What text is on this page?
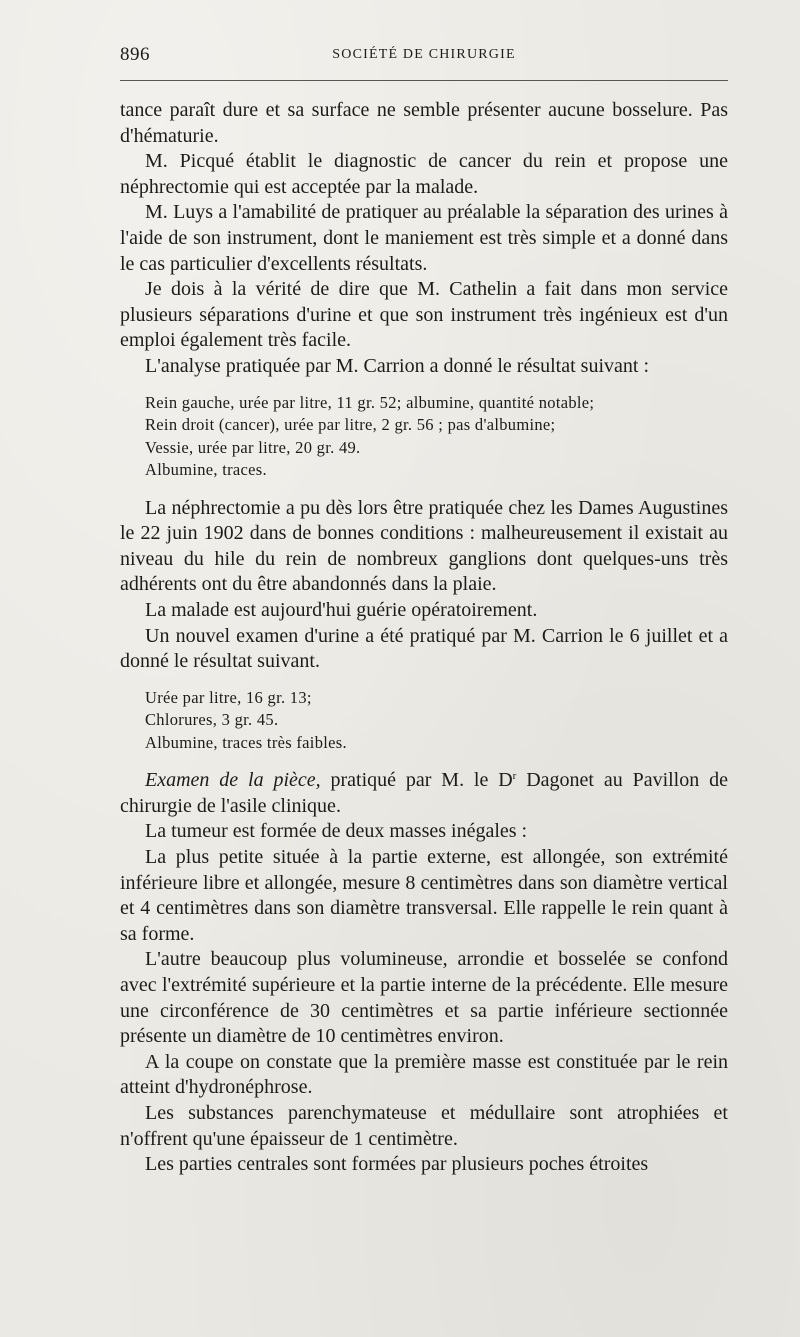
896	SOCIÉTÉ DE CHIRURGIE

tance paraît dure et sa surface ne semble présenter aucune bosselure. Pas d'hématurie.

M. Picqué établit le diagnostic de cancer du rein et propose une néphrectomie qui est acceptée par la malade.

M. Luys a l'amabilité de pratiquer au préalable la séparation des urines à l'aide de son instrument, dont le maniement est très simple et a donné dans le cas particulier d'excellents résultats.

Je dois à la vérité de dire que M. Cathelin a fait dans mon service plusieurs séparations d'urine et que son instrument très ingénieux est d'un emploi également très facile.

L'analyse pratiquée par M. Carrion a donné le résultat suivant :

Rein gauche, urée par litre, 11 gr. 52; albumine, quantité notable;
Rein droit (cancer), urée par litre, 2 gr. 56 ; pas d'albumine;
Vessie, urée par litre, 20 gr. 49.
Albumine, traces.

La néphrectomie a pu dès lors être pratiquée chez les Dames Augustines le 22 juin 1902 dans de bonnes conditions : malheureusement il existait au niveau du hile du rein de nombreux ganglions dont quelques-uns très adhérents ont du être abandonnés dans la plaie.

La malade est aujourd'hui guérie opératoirement.

Un nouvel examen d'urine a été pratiqué par M. Carrion le 6 juillet et a donné le résultat suivant.

Urée par litre, 16 gr. 13;
Chlorures, 3 gr. 45.
Albumine, traces très faibles.

Examen de la pièce, pratiqué par M. le $D^r$ Dagonet au Pavillon de chirurgie de l'asile clinique.

La tumeur est formée de deux masses inégales :

La plus petite située à la partie externe, est allongée, son extrémité inférieure libre et allongée, mesure 8 centimètres dans son diamètre vertical et 4 centimètres dans son diamètre transversal. Elle rappelle le rein quant à sa forme.

L'autre beaucoup plus volumineuse, arrondie et bosselée se confond avec l'extrémité supérieure et la partie interne de la précédente. Elle mesure une circonférence de 30 centimètres et sa partie inférieure sectionnée présente un diamètre de 10 centimètres environ.

A la coupe on constate que la première masse est constituée par le rein atteint d'hydronéphrose.

Les substances parenchymateuse et médullaire sont atrophiées et n'offrent qu'une épaisseur de 1 centimètre.

Les parties centrales sont formées par plusieurs poches étroites
